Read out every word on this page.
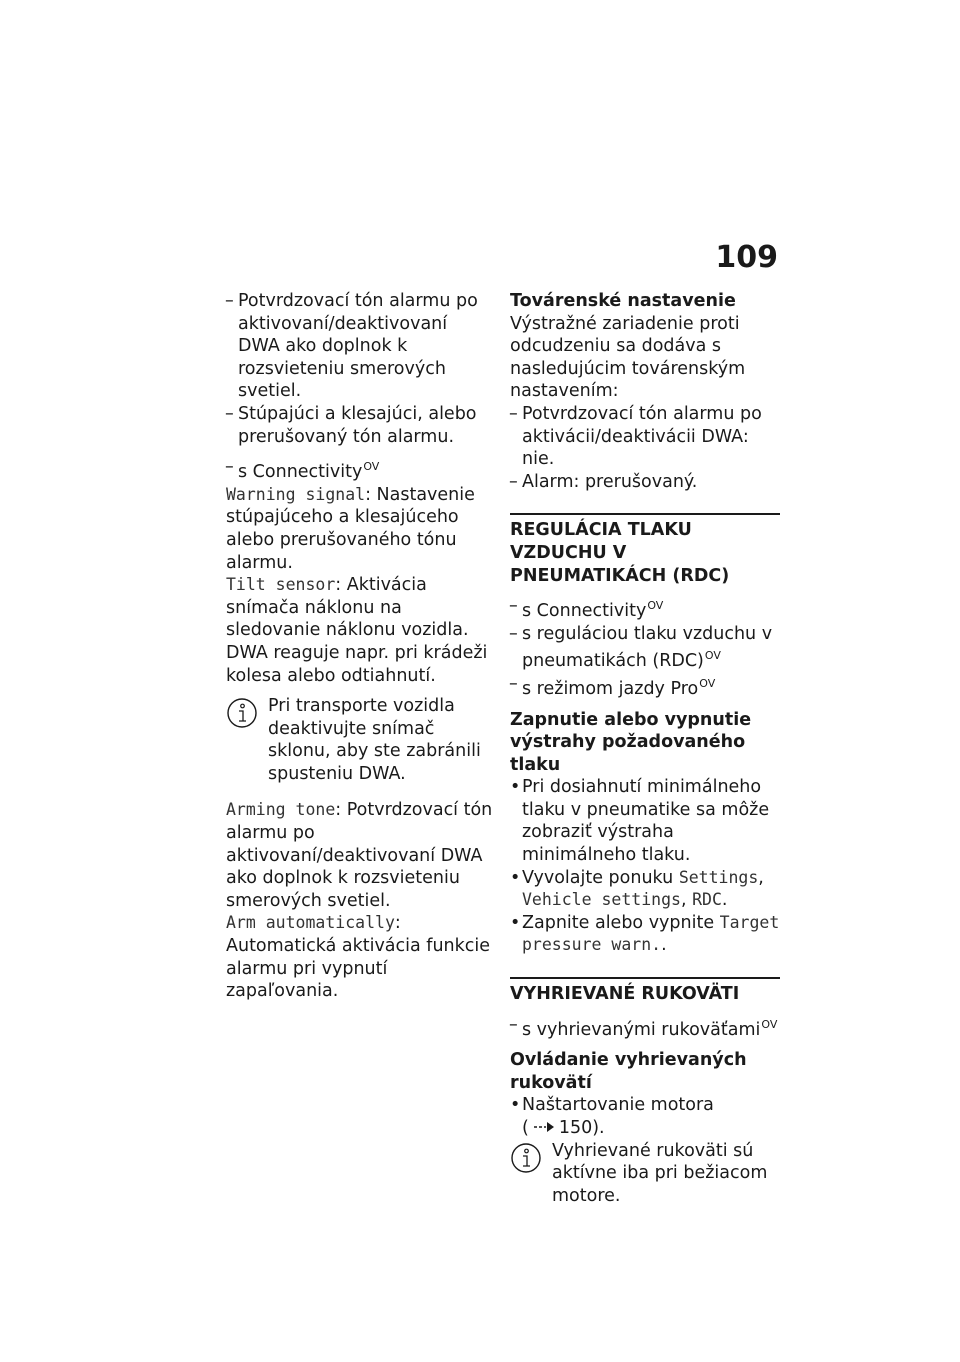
109
– Potvrdzovací tón alarmu po aktivovaní/deaktivovaní DWA ako doplnok k rozsvieteniu smerových svetiel.
– Stúpajúci a klesajúci, alebo prerušovaný tón alarmu.
– s Connectivity$^{OV}$
Warning signal: Nastavenie stúpajúceho a klesajúceho alebo prerušovaného tónu alarmu.
Tilt sensor: Aktivácia snímača náklonu na sledovanie náklonu vozidla. DWA reaguje napr. pri krádeži kolesa alebo odtiahnutí.
Pri transporte vozidla deaktivujte snímač sklonu, aby ste zabránili spusteniu DWA.
Arming tone: Potvrdzovací tón alarmu po aktivovaní/deaktivovaní DWA ako doplnok k rozsvieteniu smerových svetiel.
Arm automatically: Automatická aktivácia funkcie alarmu pri vypnutí zapaľovania.
Továrenské nastavenie
Výstražné zariadenie proti odcudzeniu sa dodáva s nasledujúcim továrenským nastavením:
– Potvrdzovací tón alarmu po aktivácii/deaktivácii DWA: nie.
– Alarm: prerušovaný.
REGULÁCIA TLAKU VZDUCHU V PNEUMATIKÁCH (RDC)
– s Connectivity$^{OV}$
– s reguláciou tlaku vzduchu v pneumatikách (RDC)$^{OV}$
– s režimom jazdy Pro$^{OV}$
Zapnutie alebo vypnutie výstrahy požadovaného tlaku
• Pri dosiahnutí minimálneho tlaku v pneumatike sa môže zobraziť výstraha minimálneho tlaku.
• Vyvolajte ponuku Settings, Vehicle settings, RDC.
• Zapnite alebo vypnite Target pressure warn..
VYHRIEVANÉ RUKOVÄTI
– s vyhrievanými rukoväťami$^{OV}$
Ovládanie vyhrievaných rukovätí
• Naštartovanie motora
( 150).
Vyhrievané rukoväti sú aktívne iba pri bežiacom motore.
